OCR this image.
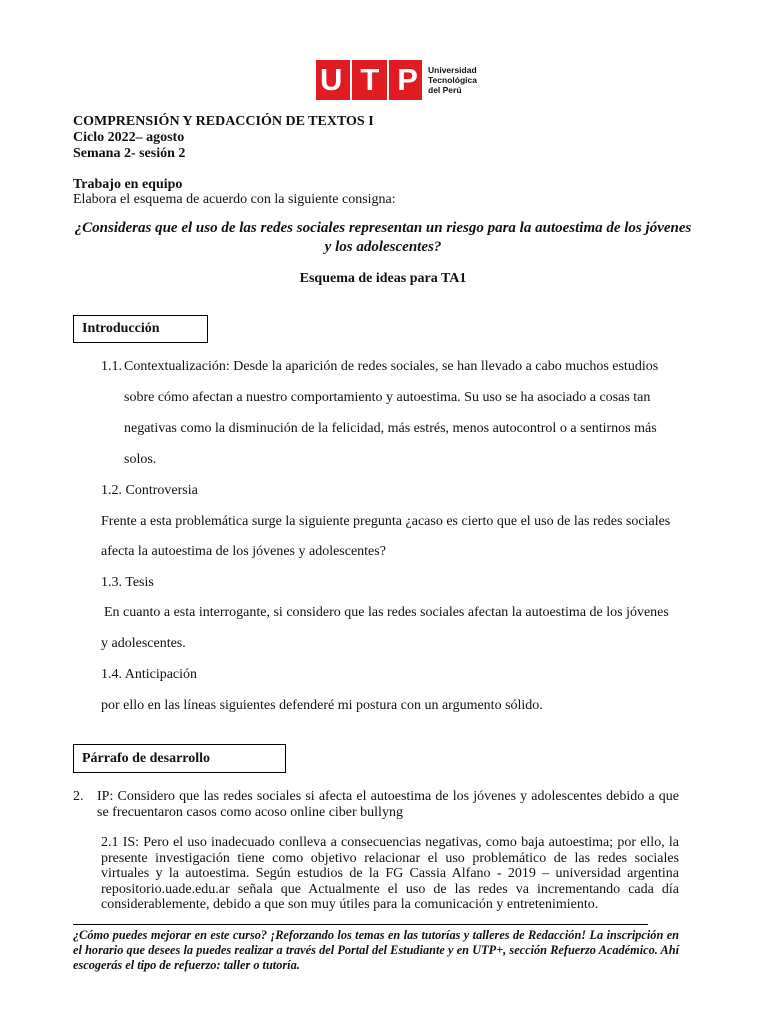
U T P Universidad
Tecnológica
del Perú
COMPRENSIÓN Y REDACCIÓN DE TEXTOS I
Ciclo 2022– agosto
Semana 2- sesión 2
Trabajo en equipo
Elabora el esquema de acuerdo con la siguiente consigna:
¿Consideras que el uso de las redes sociales representan un riesgo para la autoestima de los jóvenes y los adolescentes?
Esquema de ideas para TA1
Introducción
1.1. Contextualización: Desde la aparición de redes sociales, se han llevado a cabo muchos estudios
sobre cómo afectan a nuestro comportamiento y autoestima. Su uso se ha asociado a cosas tan
negativas como la disminución de la felicidad, más estrés, menos autocontrol o a sentirnos más
solos.
1.2. Controversia
Frente a esta problemática surge la siguiente pregunta ¿acaso es cierto que el uso de las redes sociales
afecta la autoestima de los jóvenes y adolescentes?
1.3. Tesis
En cuanto a esta interrogante, si considero que las redes sociales afectan la autoestima de los jóvenes
y adolescentes.
1.4. Anticipación
por ello en las líneas siguientes defenderé mi postura con un argumento sólido.
Párrafo de desarrollo
2. IP: Considero que las redes sociales si afecta el autoestima de los jóvenes y adolescentes debido a que se frecuentaron casos como acoso online ciber bullyng
2.1 IS: Pero el uso inadecuado conlleva a consecuencias negativas, como baja autoestima; por ello, la presente investigación tiene como objetivo relacionar el uso problemático de las redes sociales virtuales y la autoestima. Según estudios de la FG Cassia Alfano - 2019 – universidad argentina repositorio.uade.edu.ar señala que Actualmente el uso de las redes va incrementando cada día considerablemente, debido a que son muy útiles para la comunicación y entretenimiento.
¿Cómo puedes mejorar en este curso? ¡Reforzando los temas en las tutorías y talleres de Redacción! La inscripción en el horario que desees la puedes realizar a través del Portal del Estudiante y en UTP+, sección Refuerzo Académico. Ahí escogerás el tipo de refuerzo: taller o tutoría.
